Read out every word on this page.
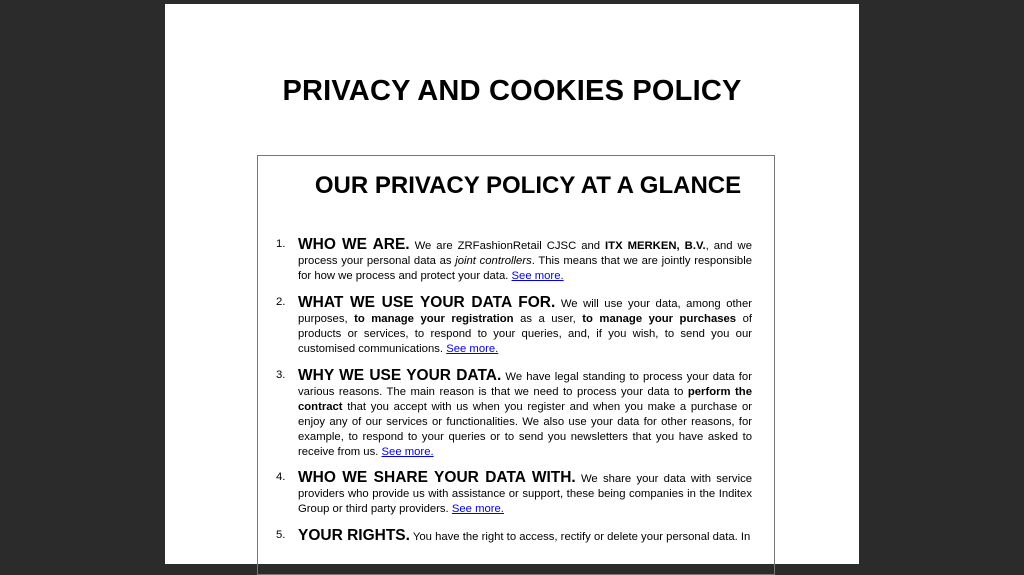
PRIVACY AND COOKIES POLICY
OUR PRIVACY POLICY AT A GLANCE
1. WHO WE ARE. We are ZRFashionRetail CJSC and ITX MERKEN, B.V., and we process your personal data as joint controllers. This means that we are jointly responsible for how we process and protect your data. See more.
2. WHAT WE USE YOUR DATA FOR. We will use your data, among other purposes, to manage your registration as a user, to manage your purchases of products or services, to respond to your queries, and, if you wish, to send you our customised communications. See more.
3. WHY WE USE YOUR DATA. We have legal standing to process your data for various reasons. The main reason is that we need to process your data to perform the contract that you accept with us when you register and when you make a purchase or enjoy any of our services or functionalities. We also use your data for other reasons, for example, to respond to your queries or to send you newsletters that you have asked to receive from us. See more.
4. WHO WE SHARE YOUR DATA WITH. We share your data with service providers who provide us with assistance or support, these being companies in the Inditex Group or third party providers. See more.
5. YOUR RIGHTS. You have the right to access, rectify or delete your personal data. In
